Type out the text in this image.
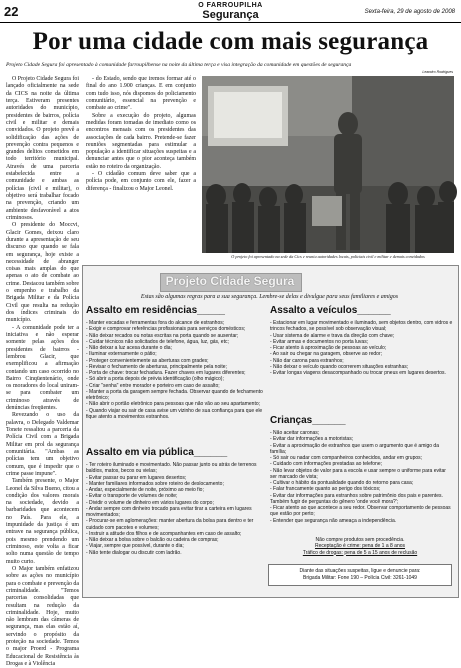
22	O FARROUPILHA
Segurança	Sexta-feira, 29 de agosto de 2008
Por uma cidade com mais segurança
Projeto Cidade Segura foi apresentado à comunidade farroupilhense na noite da última terça e visa integração da comunidade em questões de segurança
Leandro Rodrigues

O Projeto Cidade Segura foi lançado oficialmente na sede da CICS na noite da última terça. Estiveram presentes autoridades do município, presidentes de bairros, polícia civil e militar e demais convidados. O projeto prevê a solidificação das ações de prevenção contra pequenos e grandes delitos cometidos em todo território municipal. Através de uma parceria estabelecida entre a comunidade e ambas as polícias (civil e militar), o objetivo será trabalhar focado na prevenção, criando um ambiente desfavorável a atos criminosos.

O presidente do Moccvi, Glacir Gomes, deixou claro durante a apresentação de seu discurso que quando se fala em segurança, hoje existe a necessidade de abranger coisas mais amplas do que apenas o ato de combate ao crime. Destacou também sobre o empenho e trabalho da Brigada Militar e da Polícia Civil que resulta na redução dos índices criminais do município.

- A comunidade pode ter a iniciativa e não esperar somente pelas ações dos presidentes de bairros - lembrou Glacir, que exemplificou a afirmação contando um caso ocorrido no Bairro Cinqüentenário, onde os moradores do local uniram-se para combater um criminoso através de denúncias freqüentes.

Revezando o uso da palavra, o Delegado Valdemar Tonete ressaltou a parceria da Polícia Civil com a Brigada Militar em prol da segurança comunitária. "Ambas as polícias tem um objetivo comum, que é impedir que o crime passe impune".

Também presente, o Major Leonel da Silva Bueno, citou a condição dos valores morais na sociedade, devido a barbaridades que acontecem no País. Para ele, a impunidade da justiça é um entrave na segurança pública, pois mesmo prendendo um criminoso, este volta a ficar solto numa questão de tempo muito curto.

O Major também enfatizou sobre as ações no município para o combate e prevenção da criminalidade. "Temos parcerias consolidadas que resultam na redução da criminalidade. Hoje, muito não lembram das câmeras de segurança, mas elas estão aí, servindo o propósito da proteção na sociedade. Temos o major Proerd - Programa Educacional de Resistência às Drogas e à Violência

- do Estado, sendo que iremos formar até o final do ano 1.900 crianças. E em conjunto com tudo isso, nós dispomos do policiamento comunitário, essencial na prevenção e combate ao crime".

Sobre a execução do projeto, algumas medidas foram tomadas de imediato como os encontros mensais com os presidentes das associações de cada bairro. Pretende-se fazer reuniões segmentadas para estimular a população a identificar situações suspeitas e a denunciar antes que o pior aconteça também estão no roteiro da organização.

- O cidadão comum deve saber que a polícia pode, em conjunto com ele, fazer a diferença - finalizou o Major Leonel.

O projeto foi apresentado na sede da Cics e reuniu autoridades locais, policiais civil e militar e demais convidados
Projeto Cidade Segura
Estas são algumas regras para a sua segurança. Lembre-se delas e divulgue para seus familiares e amigos
Assalto em residências_____
- Manter escadas e ferramentas fora do alcance de estranhos;
- Exigir e comprovar referências profissionais para serviços domésticos;
- Não deixar recados ou notas escritas na porta quando se ausentar;
- Cuidar técnicos não solicitados de telefone, água, luz, gás, etc;
- Não deixar a luz acesa durante o dia;
- Iluminar externamente o pátio;
- Proteger convenientemente as aberturas com grades;
- Revisar o fechamento de aberturas, principalmente pela noite;
- Porta de chave: trocar fechadura. Fazer chaves em lugares diferentes;
- Só abrir a porta depois de prévia identificação (olho mágico);
- Criar "senha" entre morador e porteiro em caso de assalto;
- Manter a porta da garagem sempre fechada. Observar quando de fechamento eletrônico;
- Não abrir o portão eletrônico para pessoas que não vão ao seu apartamento;
- Quando viajar ou sair de casa avise um vizinho de sua confiança para que ele fique atento a movimentos estranhos.
Assalto em via pública______
- Ter roteiro iluminado e movimentado. Não passar junto ou atrás de terrenos baldios, matos, becos ou vielas;
- Evitar passar ou parar em lugares desertos;
- Manter familiares informados sobre roteiro de deslocamento;
- Andar, especialmente de noite, próximo ao meio fio;
- Evitar o transporte de volumes de noite;
- Dividir o volume de dinheiro em vários lugares do corpo;
- Andar sempre com dinheiro trocado para evitar tirar a carteira em lugares movimentados;
- Procurar-se em aglomerações: manter abertura da bolsa para dentro e ter cuidado com pacotes e volumes;
- Instruir a atitude dos filhos e de acompanhantes em caso de assalto;
- Não deixar a bolsa sobre o balcão ou cadeira de compras;
- Viajar, sempre que possível, durante o dia;
- Não tente dialogar ou discutir com ladrão.
Assalto a veículos______
- Estacionar em lugar movimentado e iluminado, sem objetos dentro, com vidros e trincos fechados, se possível sob observação visual;
- Usar sistema de alarme e trava da direção com chave;
- Evitar armas e documentos no porta luvas;
- Ficar atento à aproximação de pessoas ao veículo;
- Ao sair ou chegar na garagem, observe ao redor;
- Não dar carona para estranhos;
- Não deixar o veículo quando ocorrerem situações estranhas;
- Evitar longas viagens desacompanhado ou trocar pneus em lugares desertos.
Crianças______
- Não aceitar caronas;
- Evitar dar informações a motoristas;
- Evitar a aproximação de estranhos que usem o argumento que é amigo da família;
- Só sair ou nadar com companheiros conhecidos, andar em grupos;
- Cuidado com informações prestadas ao telefone;
- Não levar objetos de valor para a escola e usar sempre o uniforme para evitar ser marcado de vista;
- Cultivar o hábito da pontualidade quando do retorno para casa;
- Falar francamente quanto ao perigo dos tóxicos;
- Evitar dar informações para estranhos sobre patrimônio dos pais e parentes. Também fugir de perguntas do gênero 'onde você mora?';
- Ficar atento ao que acontece a seu redor. Observar comportamento de pessoas que estão por perto;
- Entender que segurança não ameaça a independência.
Não compre produtos sem procedência.
Receptação é crime: pena de 1 a 8 anos
Tráfico de drogas: pena de 5 a 15 anos de reclusão
Diante das situações suspeitas, ligue e denuncie para:
Brigada Militar: Fone 190 – Polícia Civil: 3261-1049
